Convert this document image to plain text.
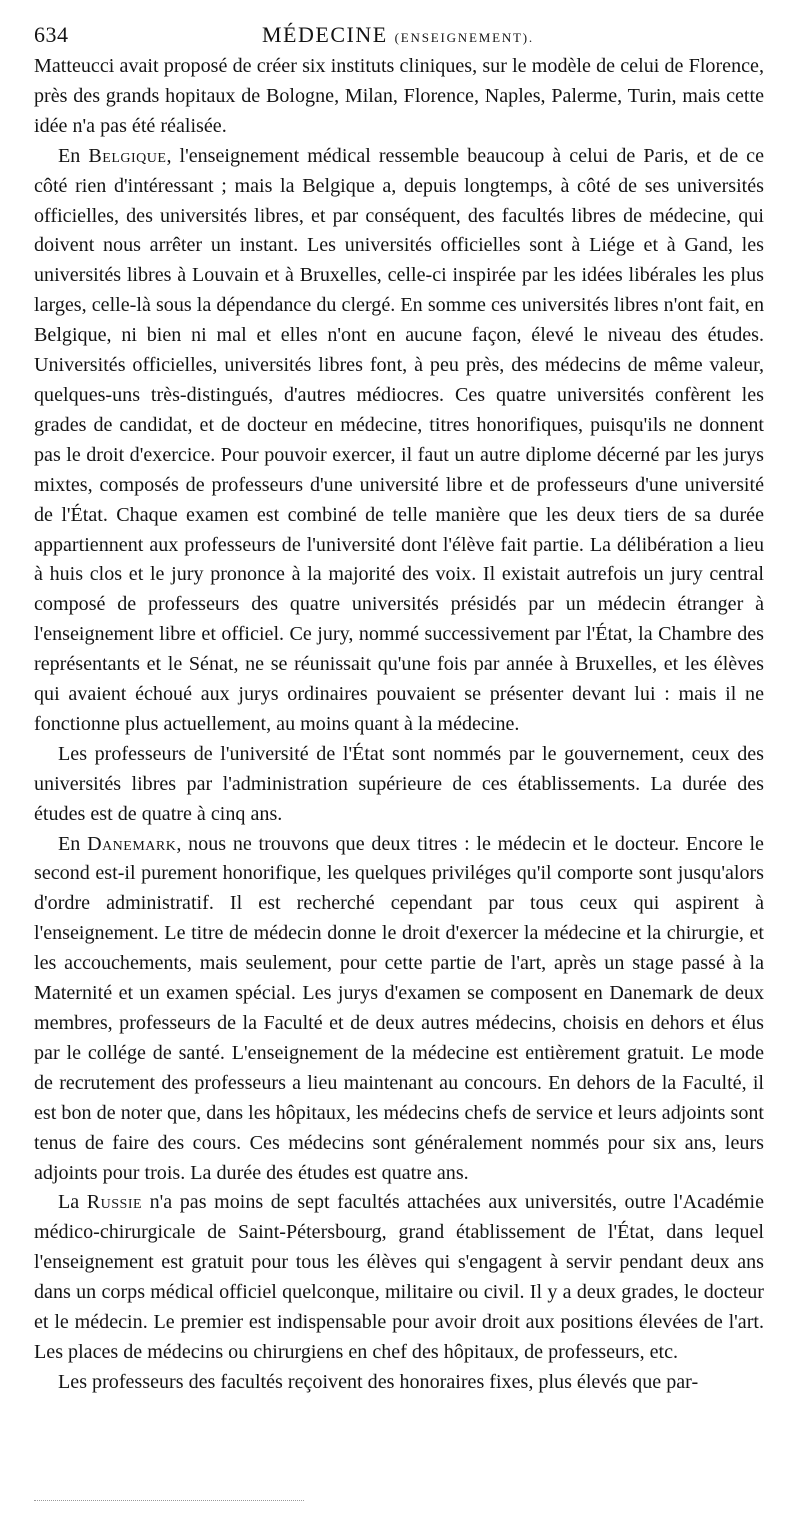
634	MÉDECINE (ENSEIGNEMENT).

Matteucci avait proposé de créer six instituts cliniques, sur le modèle de celui de Florence, près des grands hopitaux de Bologne, Milan, Florence, Naples, Palerme, Turin, mais cette idée n'a pas été réalisée.

En Belgique, l'enseignement médical ressemble beaucoup à celui de Paris, et de ce côté rien d'intéressant ; mais la Belgique a, depuis longtemps, à côté de ses universités officielles, des universités libres, et par conséquent, des facultés libres de médecine, qui doivent nous arrêter un instant. Les universités officielles sont à Liége et à Gand, les universités libres à Louvain et à Bruxelles, celle-ci inspirée par les idées libérales les plus larges, celle-là sous la dépendance du clergé. En somme ces universités libres n'ont fait, en Belgique, ni bien ni mal et elles n'ont en aucune façon, élevé le niveau des études. Universités officielles, universités libres font, à peu près, des médecins de même valeur, quelques-uns très-distingués, d'autres médiocres. Ces quatre universités confèrent les grades de candidat, et de docteur en médecine, titres honorifiques, puisqu'ils ne donnent pas le droit d'exercice. Pour pouvoir exercer, il faut un autre diplome décerné par les jurys mixtes, composés de professeurs d'une université libre et de professeurs d'une université de l'État. Chaque examen est combiné de telle manière que les deux tiers de sa durée appartiennent aux professeurs de l'université dont l'élève fait partie. La délibération a lieu à huis clos et le jury prononce à la majorité des voix. Il existait autrefois un jury central composé de professeurs des quatre universités présidés par un médecin étranger à l'enseignement libre et officiel. Ce jury, nommé successivement par l'État, la Chambre des représentants et le Sénat, ne se réunissait qu'une fois par année à Bruxelles, et les élèves qui avaient échoué aux jurys ordinaires pouvaient se présenter devant lui : mais il ne fonctionne plus actuellement, au moins quant à la médecine.

Les professeurs de l'université de l'État sont nommés par le gouvernement, ceux des universités libres par l'administration supérieure de ces établissements. La durée des études est de quatre à cinq ans.

En Danemark, nous ne trouvons que deux titres : le médecin et le docteur. Encore le second est-il purement honorifique, les quelques priviléges qu'il comporte sont jusqu'alors d'ordre administratif. Il est recherché cependant par tous ceux qui aspirent à l'enseignement. Le titre de médecin donne le droit d'exercer la médecine et la chirurgie, et les accouchements, mais seulement, pour cette partie de l'art, après un stage passé à la Maternité et un examen spécial. Les jurys d'examen se composent en Danemark de deux membres, professeurs de la Faculté et de deux autres médecins, choisis en dehors et élus par le collége de santé. L'enseignement de la médecine est entièrement gratuit. Le mode de recrutement des professeurs a lieu maintenant au concours. En dehors de la Faculté, il est bon de noter que, dans les hôpitaux, les médecins chefs de service et leurs adjoints sont tenus de faire des cours. Ces médecins sont généralement nommés pour six ans, leurs adjoints pour trois. La durée des études est quatre ans.

La Russie n'a pas moins de sept facultés attachées aux universités, outre l'Académie médico-chirurgicale de Saint-Pétersbourg, grand établissement de l'État, dans lequel l'enseignement est gratuit pour tous les élèves qui s'engagent à servir pendant deux ans dans un corps médical officiel quelconque, militaire ou civil. Il y a deux grades, le docteur et le médecin. Le premier est indispensable pour avoir droit aux positions élevées de l'art. Les places de médecins ou chirurgiens en chef des hôpitaux, de professeurs, etc.

Les professeurs des facultés reçoivent des honoraires fixes, plus élevés que par-
